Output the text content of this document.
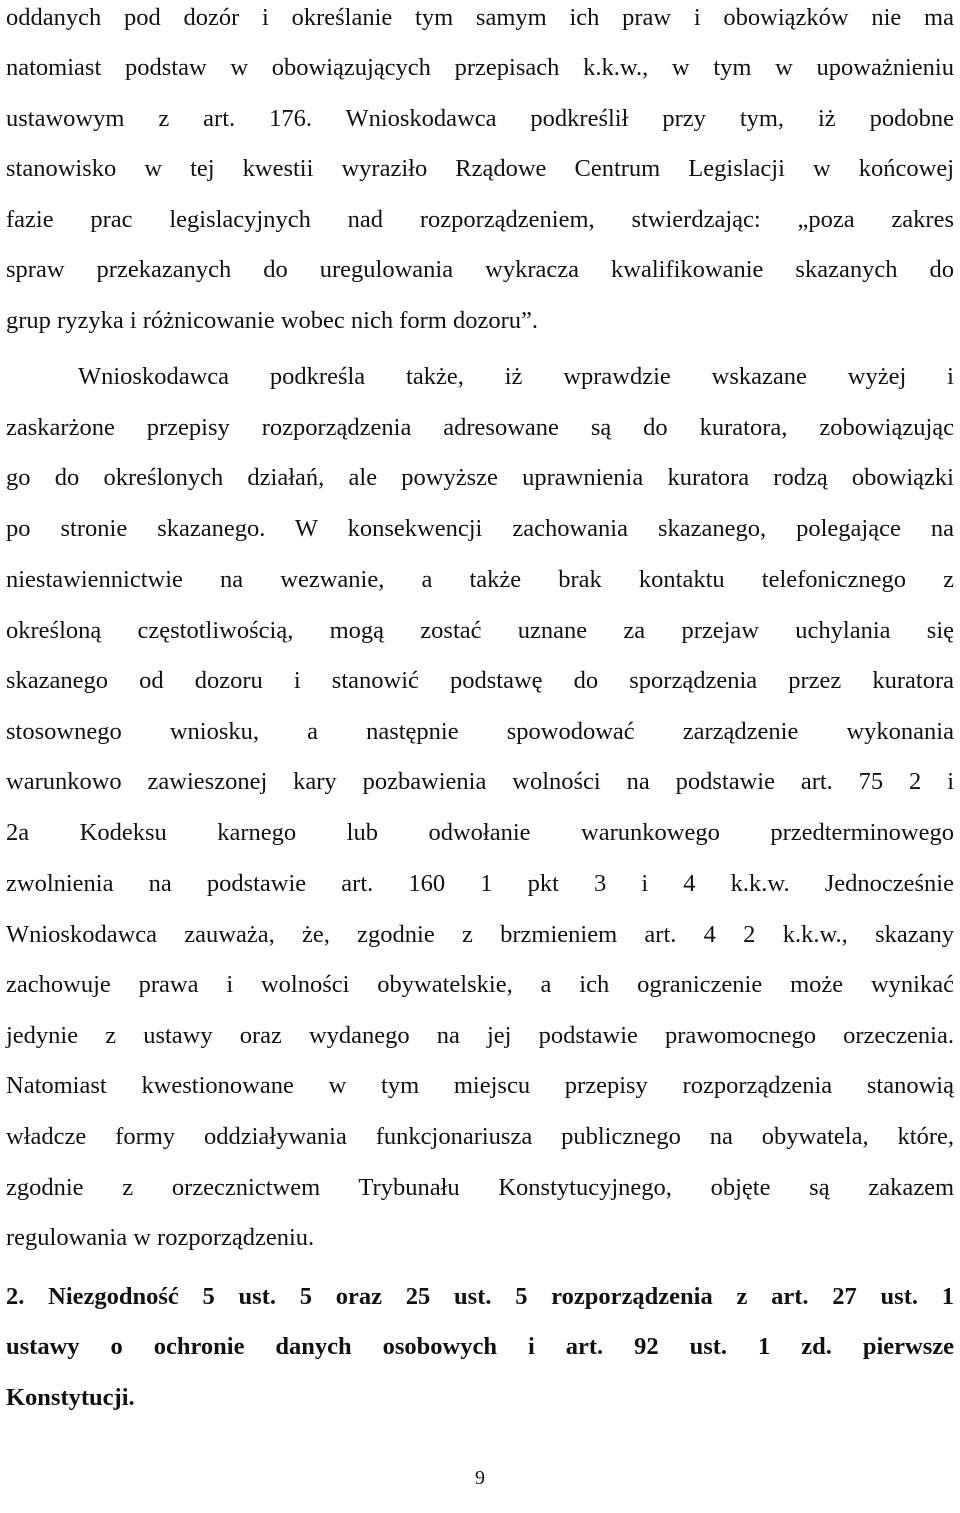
oddanych pod dozór i określanie tym samym ich praw i obowiązków nie ma
natomiast podstaw w obowiązujących przepisach k.k.w., w tym w upoważnieniu
ustawowym z art. 176. Wnioskodawca podkreślił przy tym, iż podobne
stanowisko w tej kwestii wyraziło Rządowe Centrum Legislacji w końcowej
fazie prac legislacyjnych nad rozporządzeniem, stwierdzając: „poza zakres
spraw przekazanych do uregulowania wykracza kwalifikowanie skazanych do
grup ryzyka i różnicowanie wobec nich form dozoru”.
Wnioskodawca podkreśla także, iż wprawdzie wskazane wyżej i
zaskarżone przepisy rozporządzenia adresowane są do kuratora, zobowiązując
go do określonych działań, ale powyższe uprawnienia kuratora rodzą obowiązki
po stronie skazanego. W konsekwencji zachowania skazanego, polegające na
niestawiennictwie na wezwanie, a także brak kontaktu telefonicznego z
określoną częstotliwością, mogą zostać uznane za przejaw uchylania się
skazanego od dozoru i stanowić podstawę do sporządzenia przez kuratora
stosownego wniosku, a następnie spowodować zarządzenie wykonania
warunkowo zawieszonej kary pozbawienia wolności na podstawie art. 75 2 i
2a Kodeksu karnego lub odwołanie warunkowego przedterminowego
zwolnienia na podstawie art. 160 1 pkt 3 i 4 k.k.w. Jednocześnie
Wnioskodawca zauważa, że, zgodnie z brzmieniem art. 4 2 k.k.w., skazany
zachowuje prawa i wolności obywatelskie, a ich ograniczenie może wynikać
jedynie z ustawy oraz wydanego na jej podstawie prawomocnego orzeczenia.
Natomiast kwestionowane w tym miejscu przepisy rozporządzenia stanowią
władcze formy oddziaływania funkcjonariusza publicznego na obywatela, które,
zgodnie z orzecznictwem Trybunału Konstytucyjnego, objęte są zakazem
regulowania w rozporządzeniu.
2. Niezgodność 5 ust. 5 oraz 25 ust. 5 rozporządzenia z art. 27 ust. 1
ustawy o ochronie danych osobowych i art. 92 ust. 1 zd. pierwsze
Konstytucji.
9
